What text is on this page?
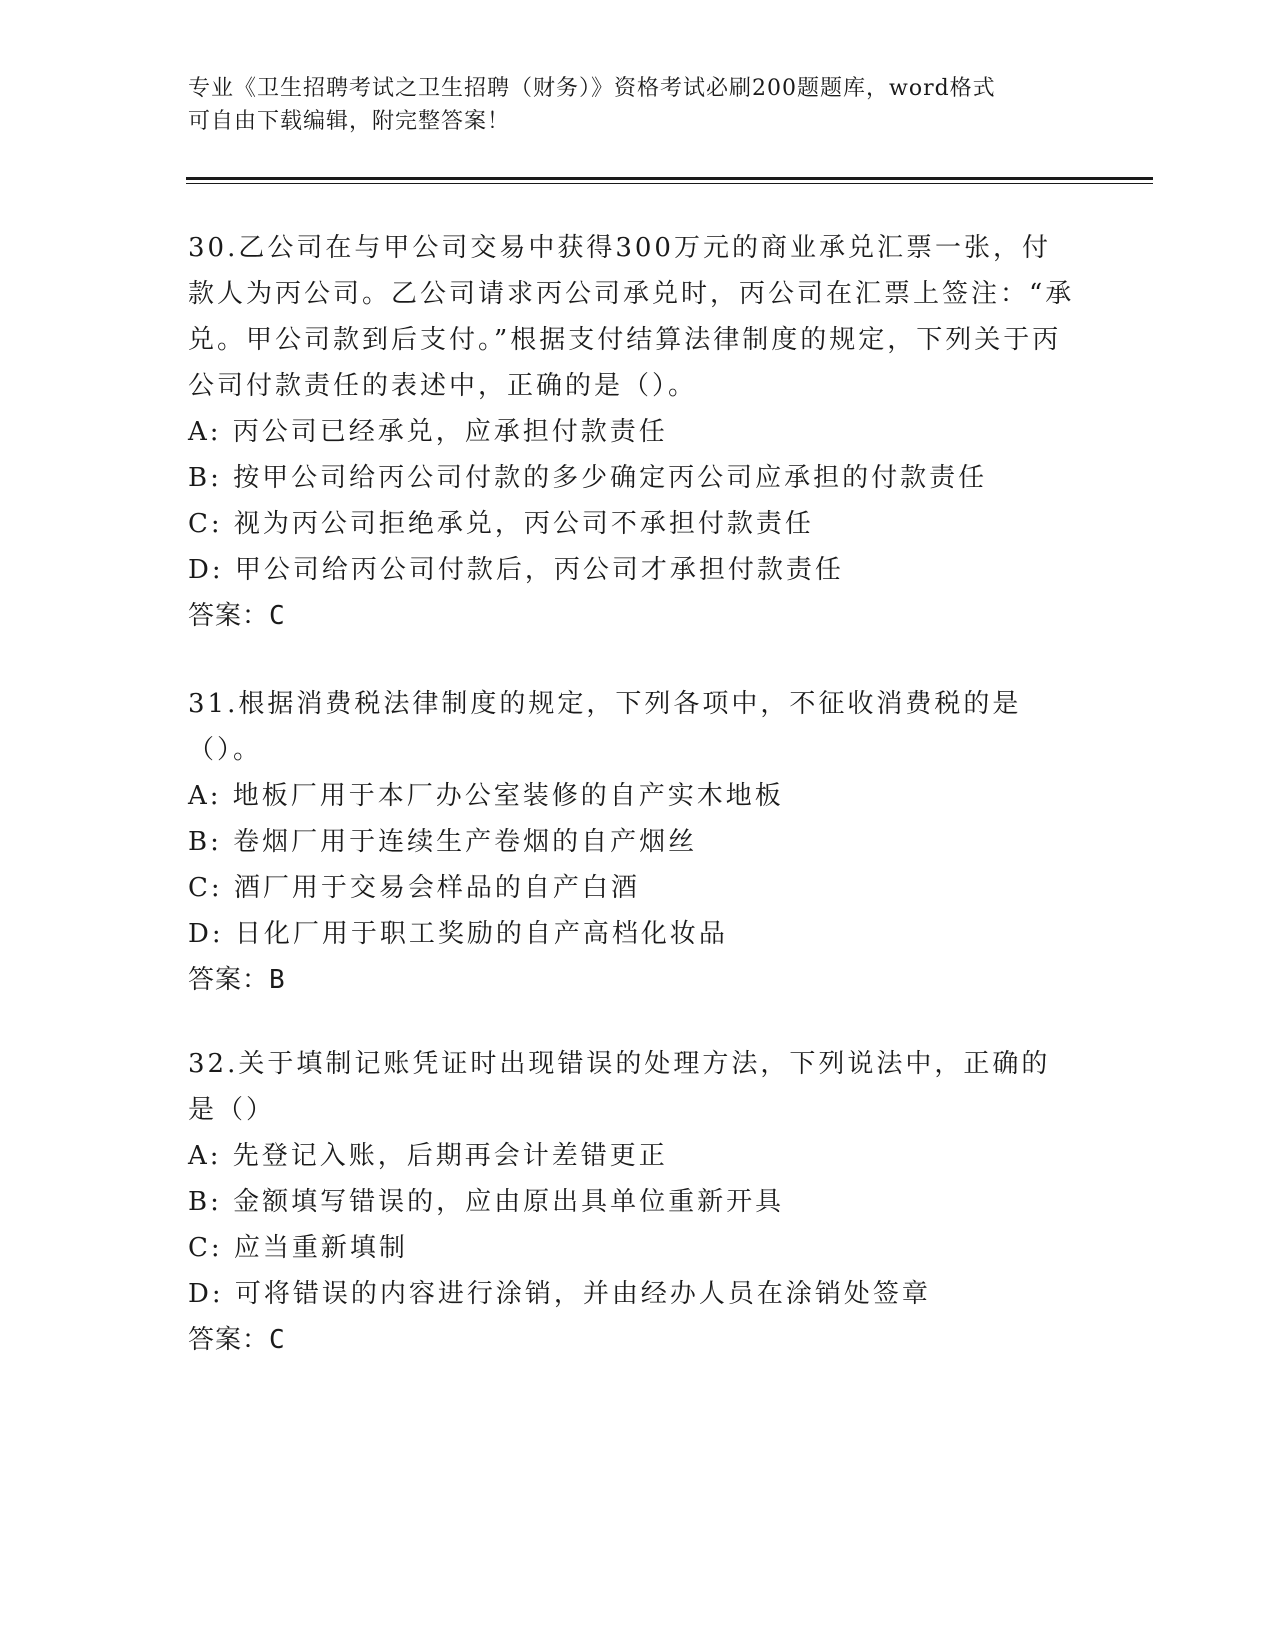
专业《卫生招聘考试之卫生招聘（财务）》资格考试必刷200题题库，word格式
可自由下载编辑，附完整答案！
30.乙公司在与甲公司交易中获得300万元的商业承兑汇票一张，付款人为丙公司。乙公司请求丙公司承兑时，丙公司在汇票上签注：“承兑。甲公司款到后支付。”根据支付结算法律制度的规定，下列关于丙公司付款责任的表述中，正确的是（）。
A: 丙公司已经承兑，应承担付款责任
B: 按甲公司给丙公司付款的多少确定丙公司应承担的付款责任
C: 视为丙公司拒绝承兑，丙公司不承担付款责任
D: 甲公司给丙公司付款后，丙公司才承担付款责任
答案：C
31.根据消费税法律制度的规定，下列各项中，不征收消费税的是（）。
A: 地板厂用于本厂办公室装修的自产实木地板
B: 卷烟厂用于连续生产卷烟的自产烟丝
C: 酒厂用于交易会样品的自产白酒
D: 日化厂用于职工奖励的自产高档化妆品
答案：B
32.关于填制记账凭证时出现错误的处理方法，下列说法中，正确的是（）
A: 先登记入账，后期再会计差错更正
B: 金额填写错误的，应由原出具单位重新开具
C: 应当重新填制
D: 可将错误的内容进行涂销，并由经办人员在涂销处签章
答案：C
